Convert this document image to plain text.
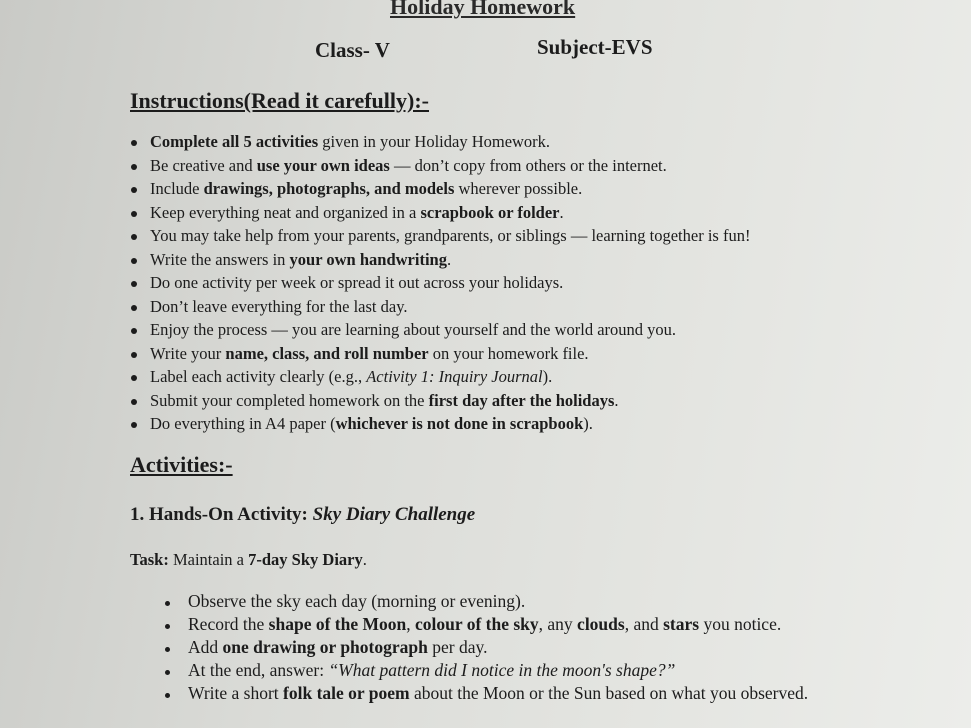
Holiday Homework
Class- V	Subject-EVS
Instructions(Read it carefully):-
Complete all 5 activities given in your Holiday Homework.
Be creative and use your own ideas — don’t copy from others or the internet.
Include drawings, photographs, and models wherever possible.
Keep everything neat and organized in a scrapbook or folder.
You may take help from your parents, grandparents, or siblings — learning together is fun!
Write the answers in your own handwriting.
Do one activity per week or spread it out across your holidays.
Don’t leave everything for the last day.
Enjoy the process — you are learning about yourself and the world around you.
Write your name, class, and roll number on your homework file.
Label each activity clearly (e.g., Activity 1: Inquiry Journal).
Submit your completed homework on the first day after the holidays.
Do everything in A4 paper (whichever is not done in scrapbook).
Activities:-
1. Hands-On Activity: Sky Diary Challenge
Task: Maintain a 7-day Sky Diary.
Observe the sky each day (morning or evening).
Record the shape of the Moon, colour of the sky, any clouds, and stars you notice.
Add one drawing or photograph per day.
At the end, answer: “What pattern did I notice in the moon's shape?”
Write a short folk tale or poem about the Moon or the Sun based on what you observed.
